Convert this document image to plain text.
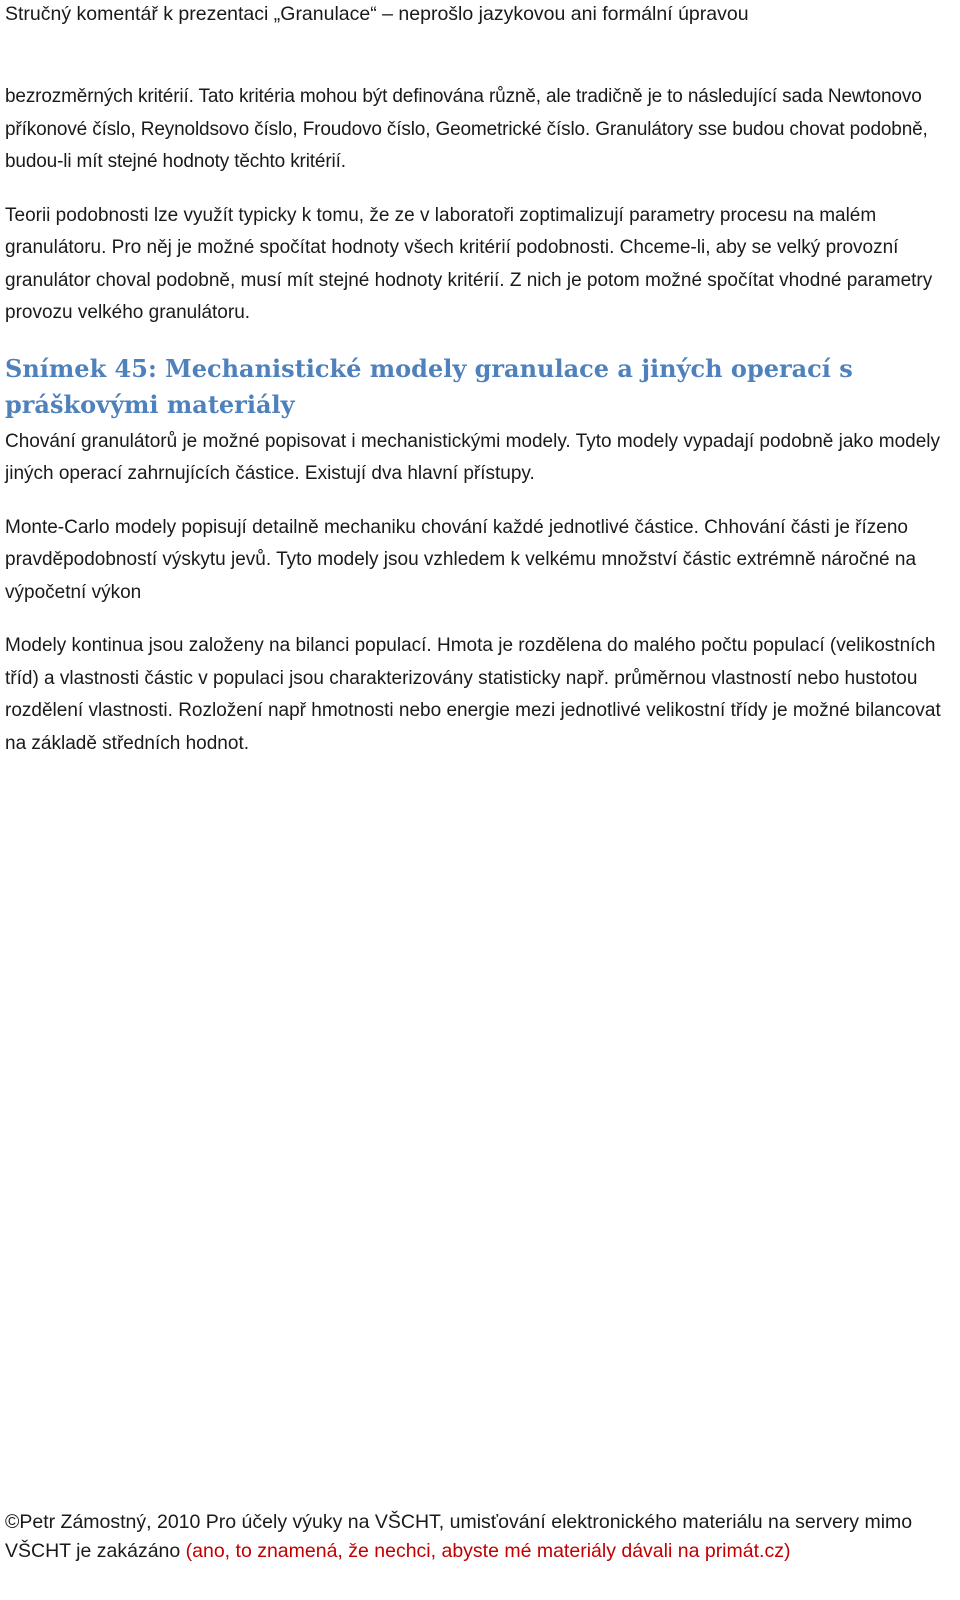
Stručný komentář k prezentaci „Granulace“ – neprošlo jazykovou ani formální úpravou

bezrozměrných kritérií. Tato kritéria mohou být definována různě, ale tradičně je to následující sada Newtonovo příkonové číslo, Reynoldsovo číslo, Froudovo číslo, Geometrické číslo. Granulátory sse budou chovat podobně, budou-li mít stejné hodnoty těchto kritérií.

Teorii podobnosti lze využít typicky k tomu, že ze v laboratoři zoptimalizují parametry procesu na malém granulátoru. Pro něj je možné spočítat hodnoty všech kritérií podobnosti. Chceme-li, aby se velký provozní granulátor choval podobně, musí mít stejné hodnoty kritérií. Z nich je potom možné spočítat vhodné parametry provozu velkého granulátoru.

Snímek 45: Mechanistické modely granulace a jiných operací s práškovými materiály

Chování granulátorů je možné popisovat i mechanistickými modely. Tyto modely vypadají podobně jako modely jiných operací zahrnujících částice. Existují dva hlavní přístupy.

Monte-Carlo modely popisují detailně mechaniku chování každé jednotlivé částice. Chhování části je řízeno pravděpodobností výskytu jevů. Tyto modely jsou vzhledem k velkému množství částic extrémně náročné na výpočetní výkon

Modely kontinua jsou založeny na bilanci populací. Hmota je rozdělena do malého počtu populací (velikostních tříd) a vlastnosti částic v populaci jsou charakterizovány statisticky např. průměrnou vlastností nebo hustotou rozdělení vlastnosti. Rozložení např hmotnosti nebo energie mezi jednotlivé velikostní třídy je možné bilancovat na základě středních hodnot.

©Petr Zámostný, 2010 Pro účely výuky na VŠCHT, umisťování elektronického materiálu na servery mimo VŠCHT je zakázáno (ano, to znamená, že nechci, abyste mé materiály dávali na primát.cz)
